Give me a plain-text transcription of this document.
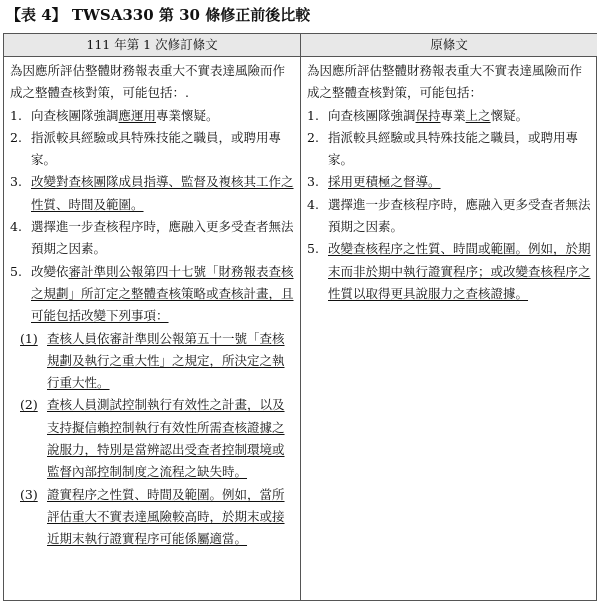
【表 4】 TWSA330 第 30 條修正前後比較
111 年第 1 次修訂條文

為因應所評估整體財務報表重大不實表達風險而作成之整體查核對策，可能包括：.

1. 向查核團隊強調應運用專業懷疑。
2. 指派較具經驗或具特殊技能之職員，或聘用專家。
3. 改變對查核團隊成員指導、監督及複核其工作之性質、時間及範圍。
4. 選擇進一步查核程序時，應融入更多受查者無法預期之因素。
5. 改變依審計準則公報第四十七號「財務報表查核之規劃」所訂定之整體查核策略或查核計畫，且可能包括改變下列事項：
(1) 查核人員依審計準則公報第五十一號「查核規劃及執行之重大性」之規定，所決定之執行重大性。
(2) 查核人員測試控制執行有效性之計畫，以及支持擬信賴控制執行有效性所需查核證據之說服力，特別是當辨認出受查者控制環境或監督內部控制制度之流程之缺失時。
(3) 證實程序之性質、時間及範圍。例如，當所評估重大不實表達風險較高時，於期末或接近期末執行證實程序可能係屬適當。
原條文

為因應所評估整體財務報表重大不實表達風險而作成之整體查核對策，可能包括：

1. 向查核團隊強調保持專業上之懷疑。
2. 指派較具經驗或具特殊技能之職員，或聘用專家。
3. 採用更積極之督導。
4. 選擇進一步查核程序時，應融入更多受查者無法預期之因素。
5. 改變查核程序之性質、時間或範圍。例如，於期末而非於期中執行證實程序；或改變查核程序之性質以取得更具說服力之查核證據。
